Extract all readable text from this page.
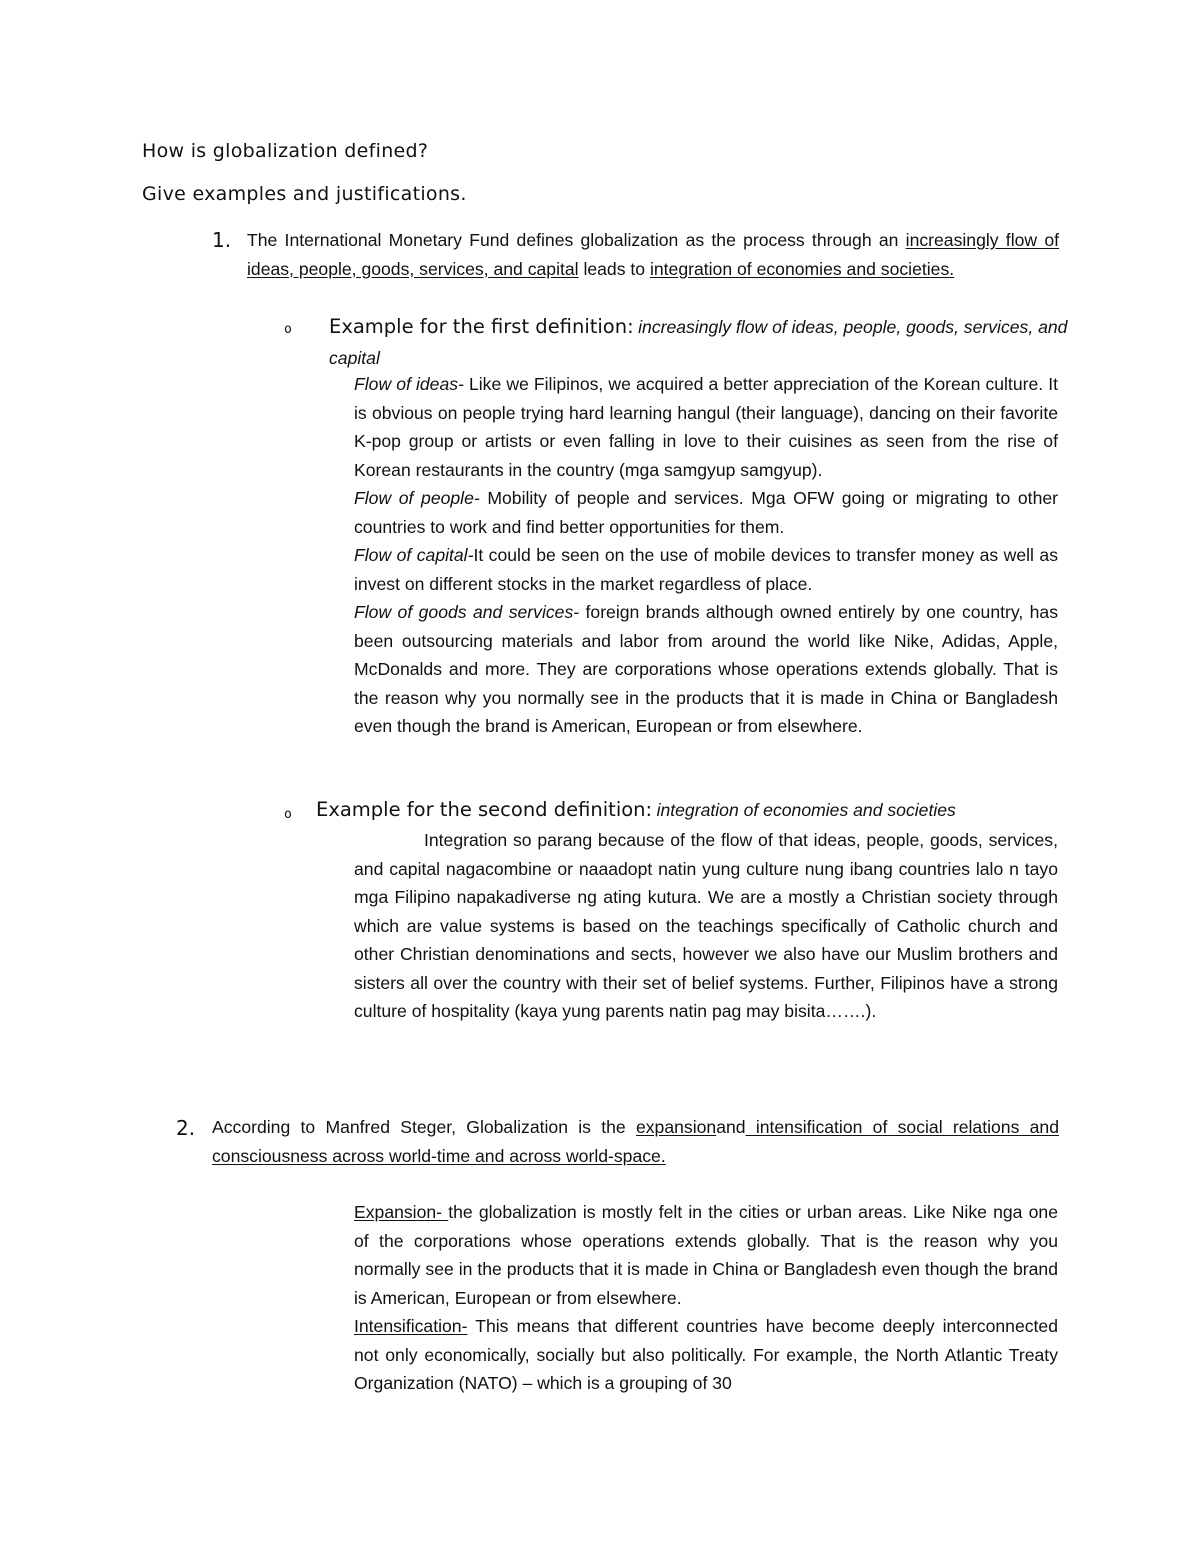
How is globalization defined?
Give examples and justifications.
1. The International Monetary Fund defines globalization as the process through an increasingly flow of ideas, people, goods, services, and capital leads to integration of economies and societies.

o Example for the first definition: increasingly flow of ideas, people, goods, services, and capital

Flow of ideas- Like we Filipinos, we acquired a better appreciation of the Korean culture. It is obvious on people trying hard learning hangul (their language), dancing on their favorite K-pop group or artists or even falling in love to their cuisines as seen from the rise of Korean restaurants in the country (mga samgyup samgyup).

Flow of people- Mobility of people and services. Mga OFW going or migrating to other countries to work and find better opportunities for them.

Flow of capital-It could be seen on the use of mobile devices to transfer money as well as invest on different stocks in the market regardless of place.

Flow of goods and services- foreign brands although owned entirely by one country, has been outsourcing materials and labor from around the world like Nike, Adidas, Apple, McDonalds and more. They are corporations whose operations extends globally. That is the reason why you normally see in the products that it is made in China or Bangladesh even though the brand is American, European or from elsewhere.

o Example for the second definition: integration of economies and societies

Integration so parang because of the flow of that ideas, people, goods, services, and capital nagacombine or naaadopt natin yung culture nung ibang countries lalo n tayo mga Filipino napakadiverse ng ating kutura. We are a mostly a Christian society through which are value systems is based on the teachings specifically of Catholic church and other Christian denominations and sects, however we also have our Muslim brothers and sisters all over the country with their set of belief systems. Further, Filipinos have a strong culture of hospitality (kaya yung parents natin pag may bisita…….).

2. According to Manfred Steger, Globalization is the expansionand intensification of social relations and consciousness across world-time and across world-space.

Expansion- the globalization is mostly felt in the cities or urban areas. Like Nike nga one of the corporations whose operations extends globally. That is the reason why you normally see in the products that it is made in China or Bangladesh even though the brand is American, European or from elsewhere.

Intensification- This means that different countries have become deeply interconnected not only economically, socially but also politically. For example, the North Atlantic Treaty Organization (NATO) – which is a grouping of 30
